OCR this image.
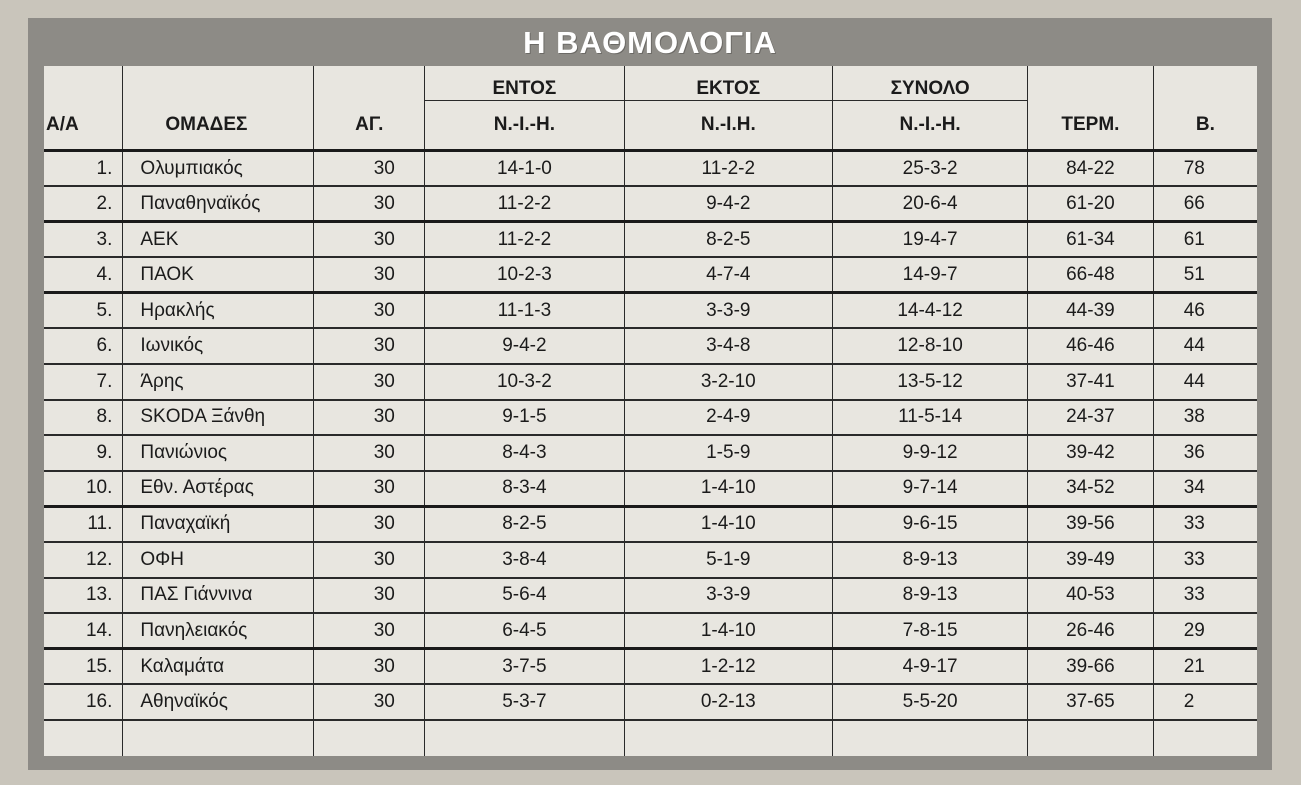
Η ΒΑΘΜΟΛΟΓΙΑ
			ΕΝΤΟΣ	ΕΚΤΟΣ	ΣΥΝΟΛΟ		
Α/Α	ΟΜΑΔΕΣ	ΑΓ.	Ν.-Ι.-Η.	Ν.-Ι.Η.	Ν.-Ι.-Η.	ΤΕΡΜ.	Β.
1.	Ολυμπιακός	30	14-1-0	11-2-2	25-3-2	84-22	78
2.	Παναθηναϊκός	30	11-2-2	9-4-2	20-6-4	61-20	66
3.	ΑΕΚ	30	11-2-2	8-2-5	19-4-7	61-34	61
4.	ΠΑΟΚ	30	10-2-3	4-7-4	14-9-7	66-48	51
5.	Ηρακλής	30	11-1-3	3-3-9	14-4-12	44-39	46
6.	Ιωνικός	30	9-4-2	3-4-8	12-8-10	46-46	44
7.	Άρης	30	10-3-2	3-2-10	13-5-12	37-41	44
8.	SKODA Ξάνθη	30	9-1-5	2-4-9	11-5-14	24-37	38
9.	Πανιώνιος	30	8-4-3	1-5-9	9-9-12	39-42	36
10.	Εθν. Αστέρας	30	8-3-4	1-4-10	9-7-14	34-52	34
11.	Παναχαϊκή	30	8-2-5	1-4-10	9-6-15	39-56	33
12.	ΟΦΗ	30	3-8-4	5-1-9	8-9-13	39-49	33
13.	ΠΑΣ Γιάννινα	30	5-6-4	3-3-9	8-9-13	40-53	33
14.	Πανηλειακός	30	6-4-5	1-4-10	7-8-15	26-46	29
15.	Καλαμάτα	30	3-7-5	1-2-12	4-9-17	39-66	21
16.	Αθηναϊκός	30	5-3-7	0-2-13	5-5-20	37-65	2
